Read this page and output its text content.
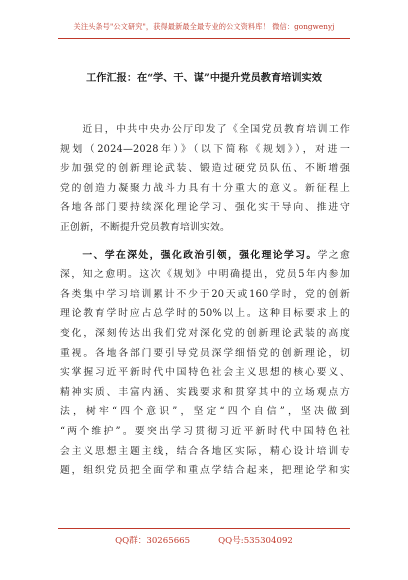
关注头条号"公文研究"，获得最新最全最专业的公文资料库！ 微信：gongwenyj
工作汇报：在“学、干、谋”中提升党员教育培训实效
　　近日，中共中央办公厅印发了《全国党员教育培训工作
规划（2024—2028年）》（以下简称《规划》），对进一
步加强党的创新理论武装、锻造过硬党员队伍、不断增强
党的创造力凝聚力战斗力具有十分重大的意义。新征程上
各地各部门要持续深化理论学习、强化实干导向、推进守
正创新，不断提升党员教育培训实效。
　　一、学在深处，强化政治引领，强化理论学习。学之愈
深，知之愈明。这次《规划》中明确提出，党员5年内参加
各类集中学习培训累计不少于20天或160学时，党的创新
理论教育学时应占总学时的50%以上。这种目标要求上的
变化，深刻传达出我们党对深化党的创新理论武装的高度
重视。各地各部门要引导党员深学细悟党的创新理论，切
实掌握习近平新时代中国特色社会主义思想的核心要义、
精神实质、丰富内涵、实践要求和贯穿其中的立场观点方
法，树牢“四个意识”，坚定“四个自信”，坚决做到
“两个维护”。要突出学习贯彻习近平新时代中国特色社
会主义思想主题主线，结合各地区实际，精心设计培训专
题，组织党员把全面学和重点学结合起来，把理论学和实
QQ群：30265665	QQ号:535304092
